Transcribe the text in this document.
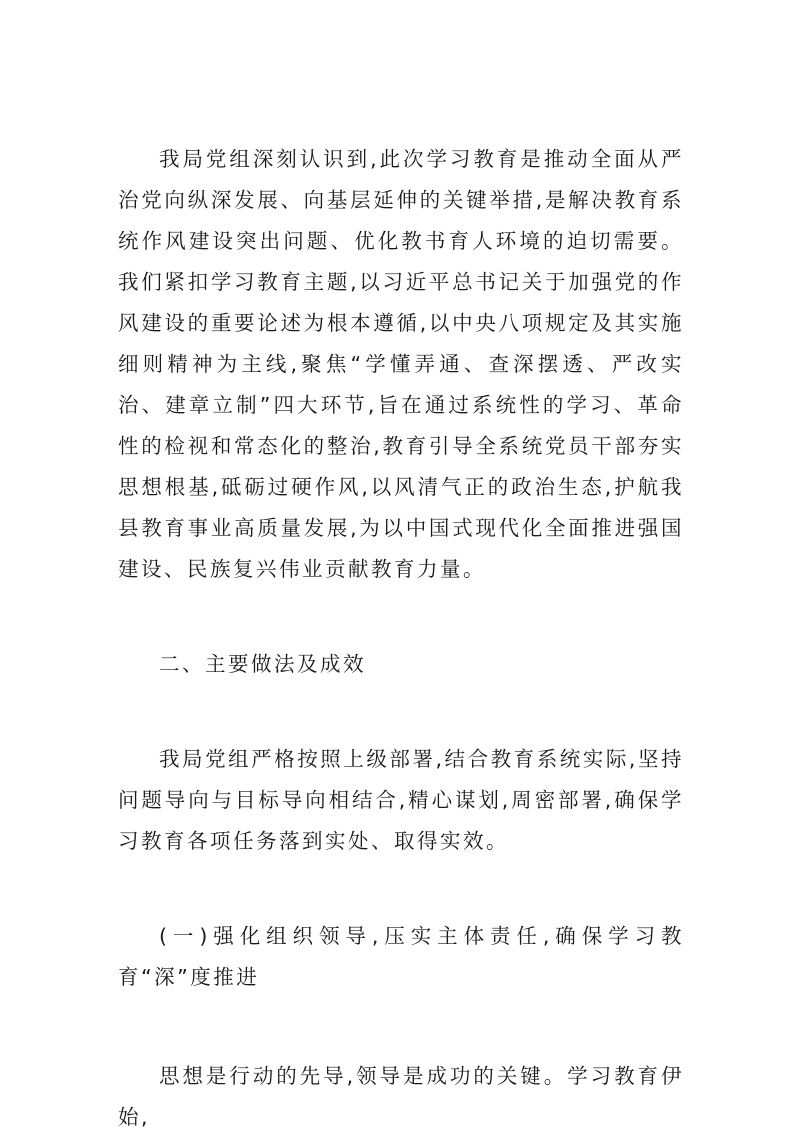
我局党组深刻认识到,此次学习教育是推动全面从严治党向纵深发展、向基层延伸的关键举措,是解决教育系统作风建设突出问题、优化教书育人环境的迫切需要。我们紧扣学习教育主题,以习近平总书记关于加强党的作风建设的重要论述为根本遵循,以中央八项规定及其实施细则精神为主线,聚焦“学懂弄通、查深摆透、严改实治、建章立制”四大环节,旨在通过系统性的学习、革命性的检视和常态化的整治,教育引导全系统党员干部夯实思想根基,砥砺过硬作风,以风清气正的政治生态,护航我县教育事业高质量发展,为以中国式现代化全面推进强国建设、民族复兴伟业贡献教育力量。

二、主要做法及成效

我局党组严格按照上级部署,结合教育系统实际,坚持问题导向与目标导向相结合,精心谋划,周密部署,确保学习教育各项任务落到实处、取得实效。

(一)强化组织领导,压实主体责任,确保学习教育“深”度推进

思想是行动的先导,领导是成功的关键。学习教育伊始,
